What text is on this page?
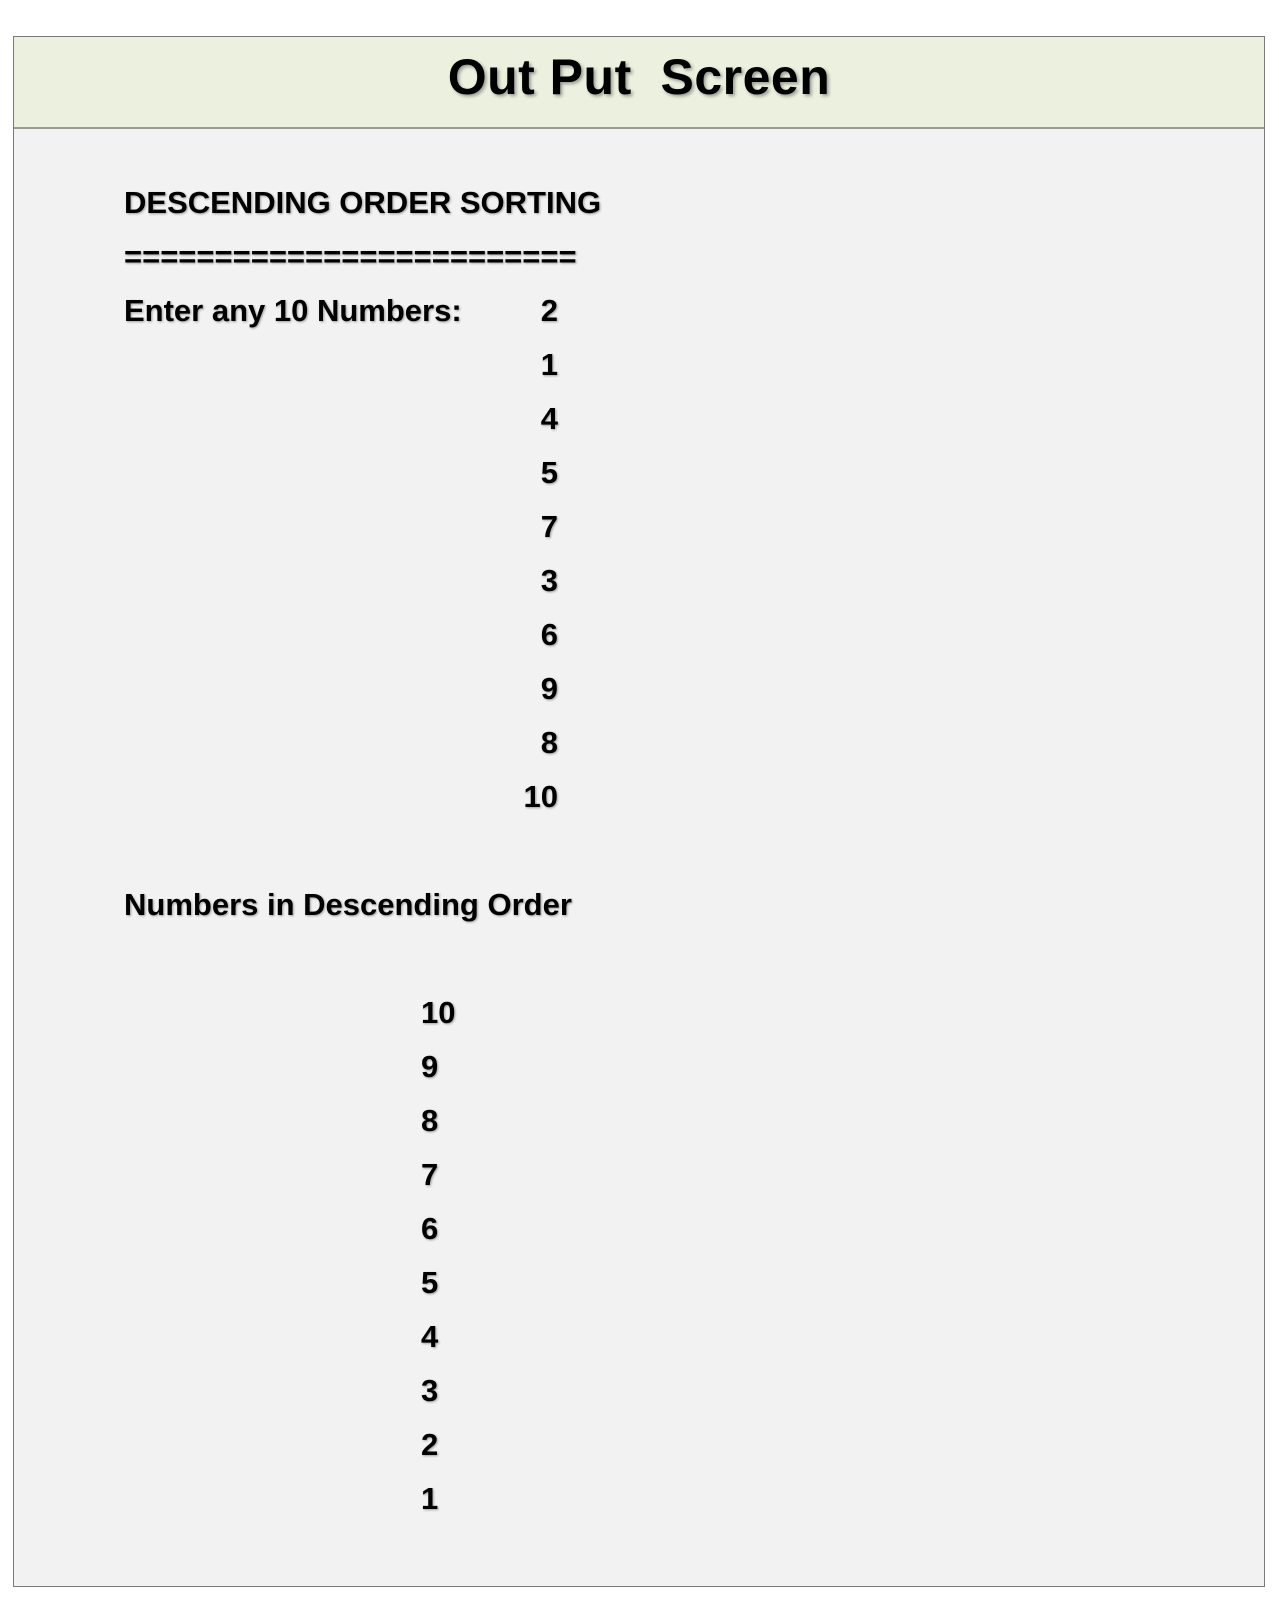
Out Put  Screen
DESCENDING ORDER SORTING
=========================
Enter any 10 Numbers:	2
1
4
5
7
3
6
9
8
10
Numbers in Descending Order
10
9
8
7
6
5
4
3
2
1
